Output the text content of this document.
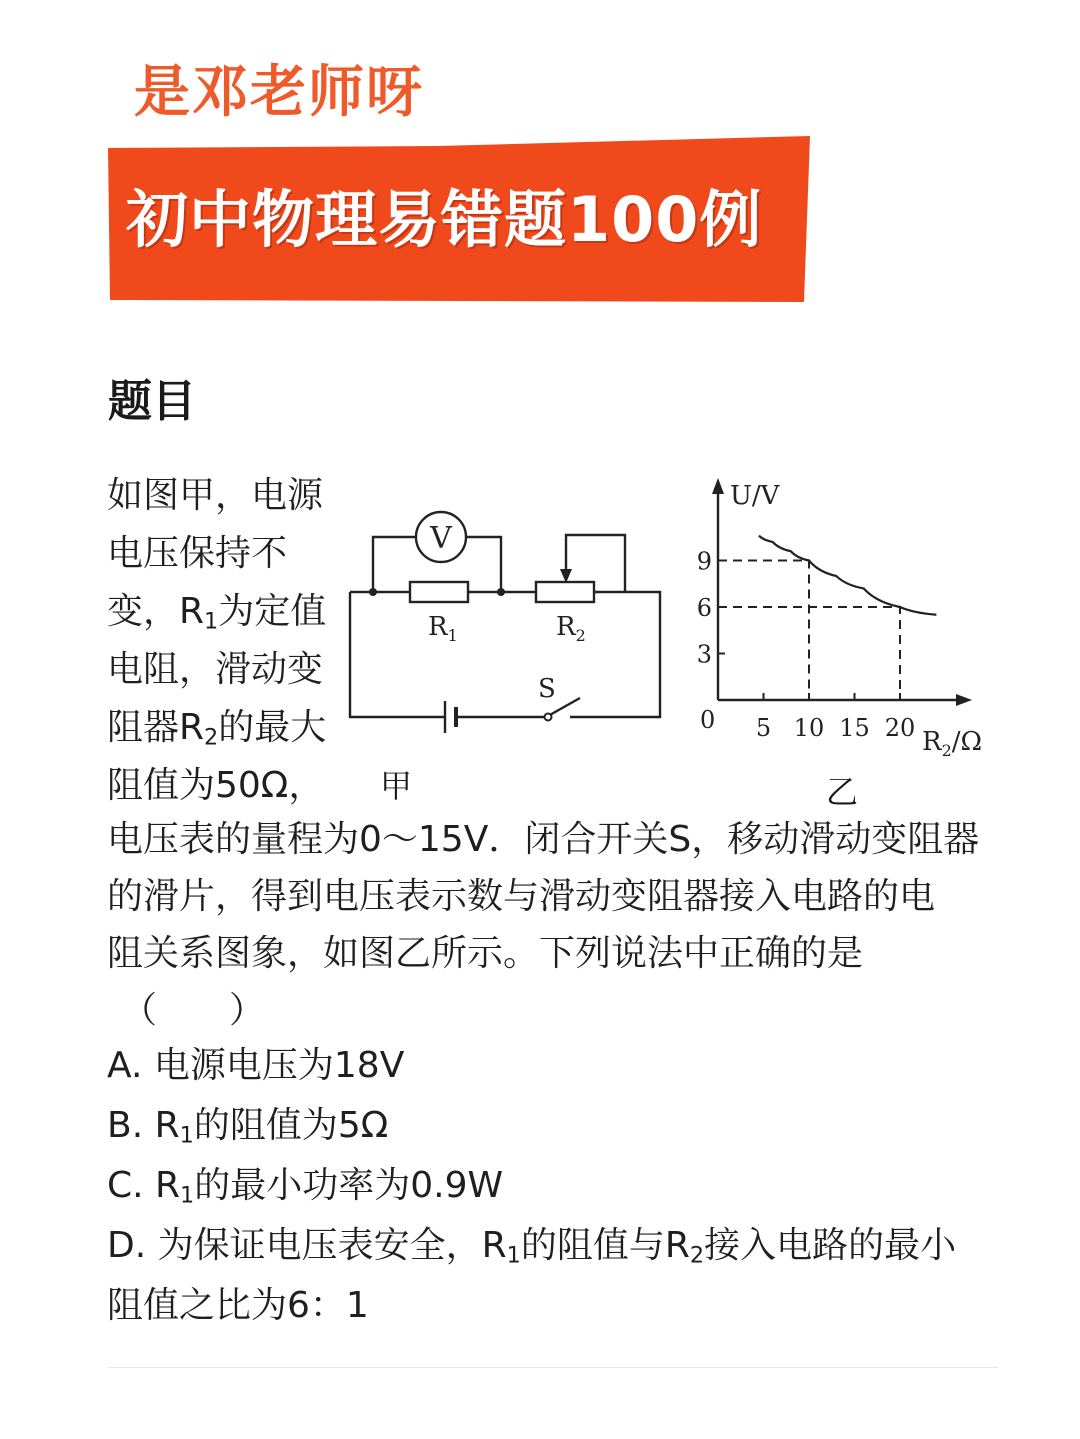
是邓老师呀
初中物理易错题100例
题目
如图甲，电源
电压保持不
变，$R_1$为定值
电阻，滑动变
阻器$R_2$的最大
阻值为50Ω，
V
$R_1$	$R_2$
S
甲
5 10 15 20
3
6
9
U/V
0
$R_2/\Omega$
乙
电压表的量程为0～15V．闭合开关S，移动滑动变阻器
的滑片，得到电压表示数与滑动变阻器接入电路的电
阻关系图象，如图乙所示。下列说法中正确的是
（　　）
A. 电源电压为18V
B. $R_1$的阻值为5Ω
C. $R_1$的最小功率为0.9W
D. 为保证电压表安全，$R_1$的阻值与$R_2$接入电路的最小
阻值之比为6：1
